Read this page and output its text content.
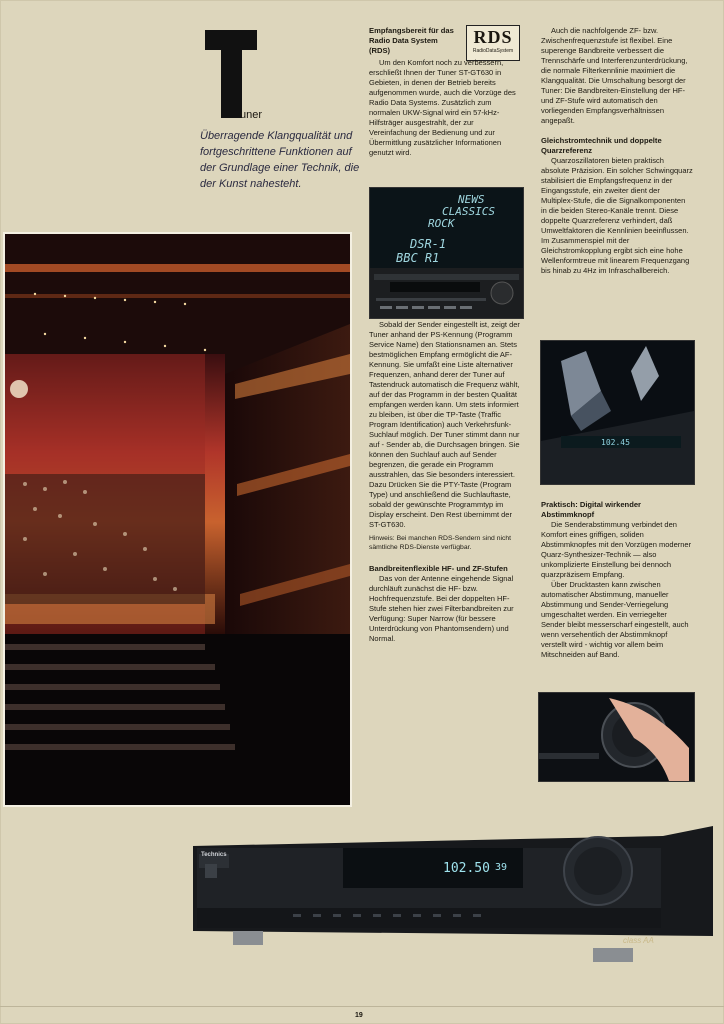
uner
Überragende Klangqualität und fortgeschrittene Funktionen auf der Grundlage einer Technik, die der Kunst nahesteht.
Empfangsbereit für das Radio Data System (RDS)
RDS
RadioDataSystem

Um den Komfort noch zu verbessern, erschließt Ihnen der Tuner ST-GT630 in Gebieten, in denen der Betrieb bereits aufgenommen wurde, auch die Vorzüge des Radio Data Systems. Zusätzlich zum normalen UKW-Signal wird ein 57-kHz-Hilfsträger ausgestrahlt, der zur Vereinfachung der Bedienung und zur Übermittlung zusätzlicher Informationen genutzt wird.

NEWS
CLASSICS
ROCK
DSR-1
BBC R1

Sobald der Sender eingestellt ist, zeigt der Tuner anhand der PS-Kennung (Programm Service Name) den Stationsnamen an. Stets bestmöglichen Empfang ermöglicht die AF-Kennung. Sie umfaßt eine Liste alternativer Frequenzen, anhand derer der Tuner auf Tastendruck automatisch die Frequenz wählt, auf der das Programm in der besten Qualität empfangen werden kann. Um stets informiert zu bleiben, ist über die TP-Taste (Traffic Program Identification) auch Verkehrsfunk-Suchlauf möglich. Der Tuner stimmt dann nur auf - Sender ab, die Durchsagen bringen. Sie können den Suchlauf auch auf Sender begrenzen, die gerade ein Programm ausstrahlen, das Sie besonders interessiert. Dazu Drücken Sie die PTY-Taste (Program Type) und anschließend die Suchlauftaste, sobald der gewünschte Programmtyp im Display erscheint. Den Rest übernimmt der ST-GT630.

Hinweis: Bei manchen RDS-Sendern sind nicht sämtliche RDS-Dienste verfügbar.

Bandbreitenflexible HF- und ZF-Stufen

Das von der Antenne eingehende Signal durchläuft zunächst die HF- bzw. Hochfrequenzstufe. Bei der doppelten HF-Stufe stehen hier zwei Filterbandbreiten zur Verfügung: Super Narrow (für bessere Unterdrückung von Phantomsendern) und Normal.

Auch die nachfolgende ZF- bzw. Zwischenfrequenzstufe ist flexibel. Eine superenge Bandbreite verbessert die Trennschärfe und Interferenzunterdrückung, die normale Filterkennlinie maximiert die Klangqualität. Die Umschaltung besorgt der Tuner: Die Bandbreiten-Einstellung der HF- und ZF-Stufe wird automatisch den vorliegenden Empfangsverhältnissen angepaßt.

Gleichstromtechnik und doppelte Quarzreferenz

Quarzoszillatoren bieten praktisch absolute Präzision. Ein solcher Schwingquarz stabilisiert die Empfangsfrequenz in der Eingangsstufe, ein zweiter dient der Multiplex-Stufe, die die Signalkomponenten in die beiden Stereo-Kanäle trennt. Diese doppelte Quarzreferenz verhindert, daß Umweltfaktoren die Kennlinien beeinflussen. Im Zusammenspiel mit der Gleichstromkopplung ergibt sich eine hohe Wellenformtreue mit linearem Frequenzgang bis hinab zu 4Hz im Infraschallbereich.

102.45
Praktisch: Digital wirkender Abstimmknopf

Die Senderabstimmung verbindet den Komfort eines griffigen, soliden Abstimmknopfes mit den Vorzügen moderner Quarz-Synthesizer-Technik — also unkomplizierte Einstellung bei dennoch quarzpräzisem Empfang.

Über Drucktasten kann zwischen automatischer Abstimmung, manueller Abstimmung und Sender-Verriegelung umgeschaltet werden. Ein verriegelter Sender bleibt messerscharf eingestellt, auch wenn versehentlich der Abstimmknopf verstellt wird - wichtig vor allem beim Mitschneiden auf Band.

Technics
102.50 39
class AA
19
